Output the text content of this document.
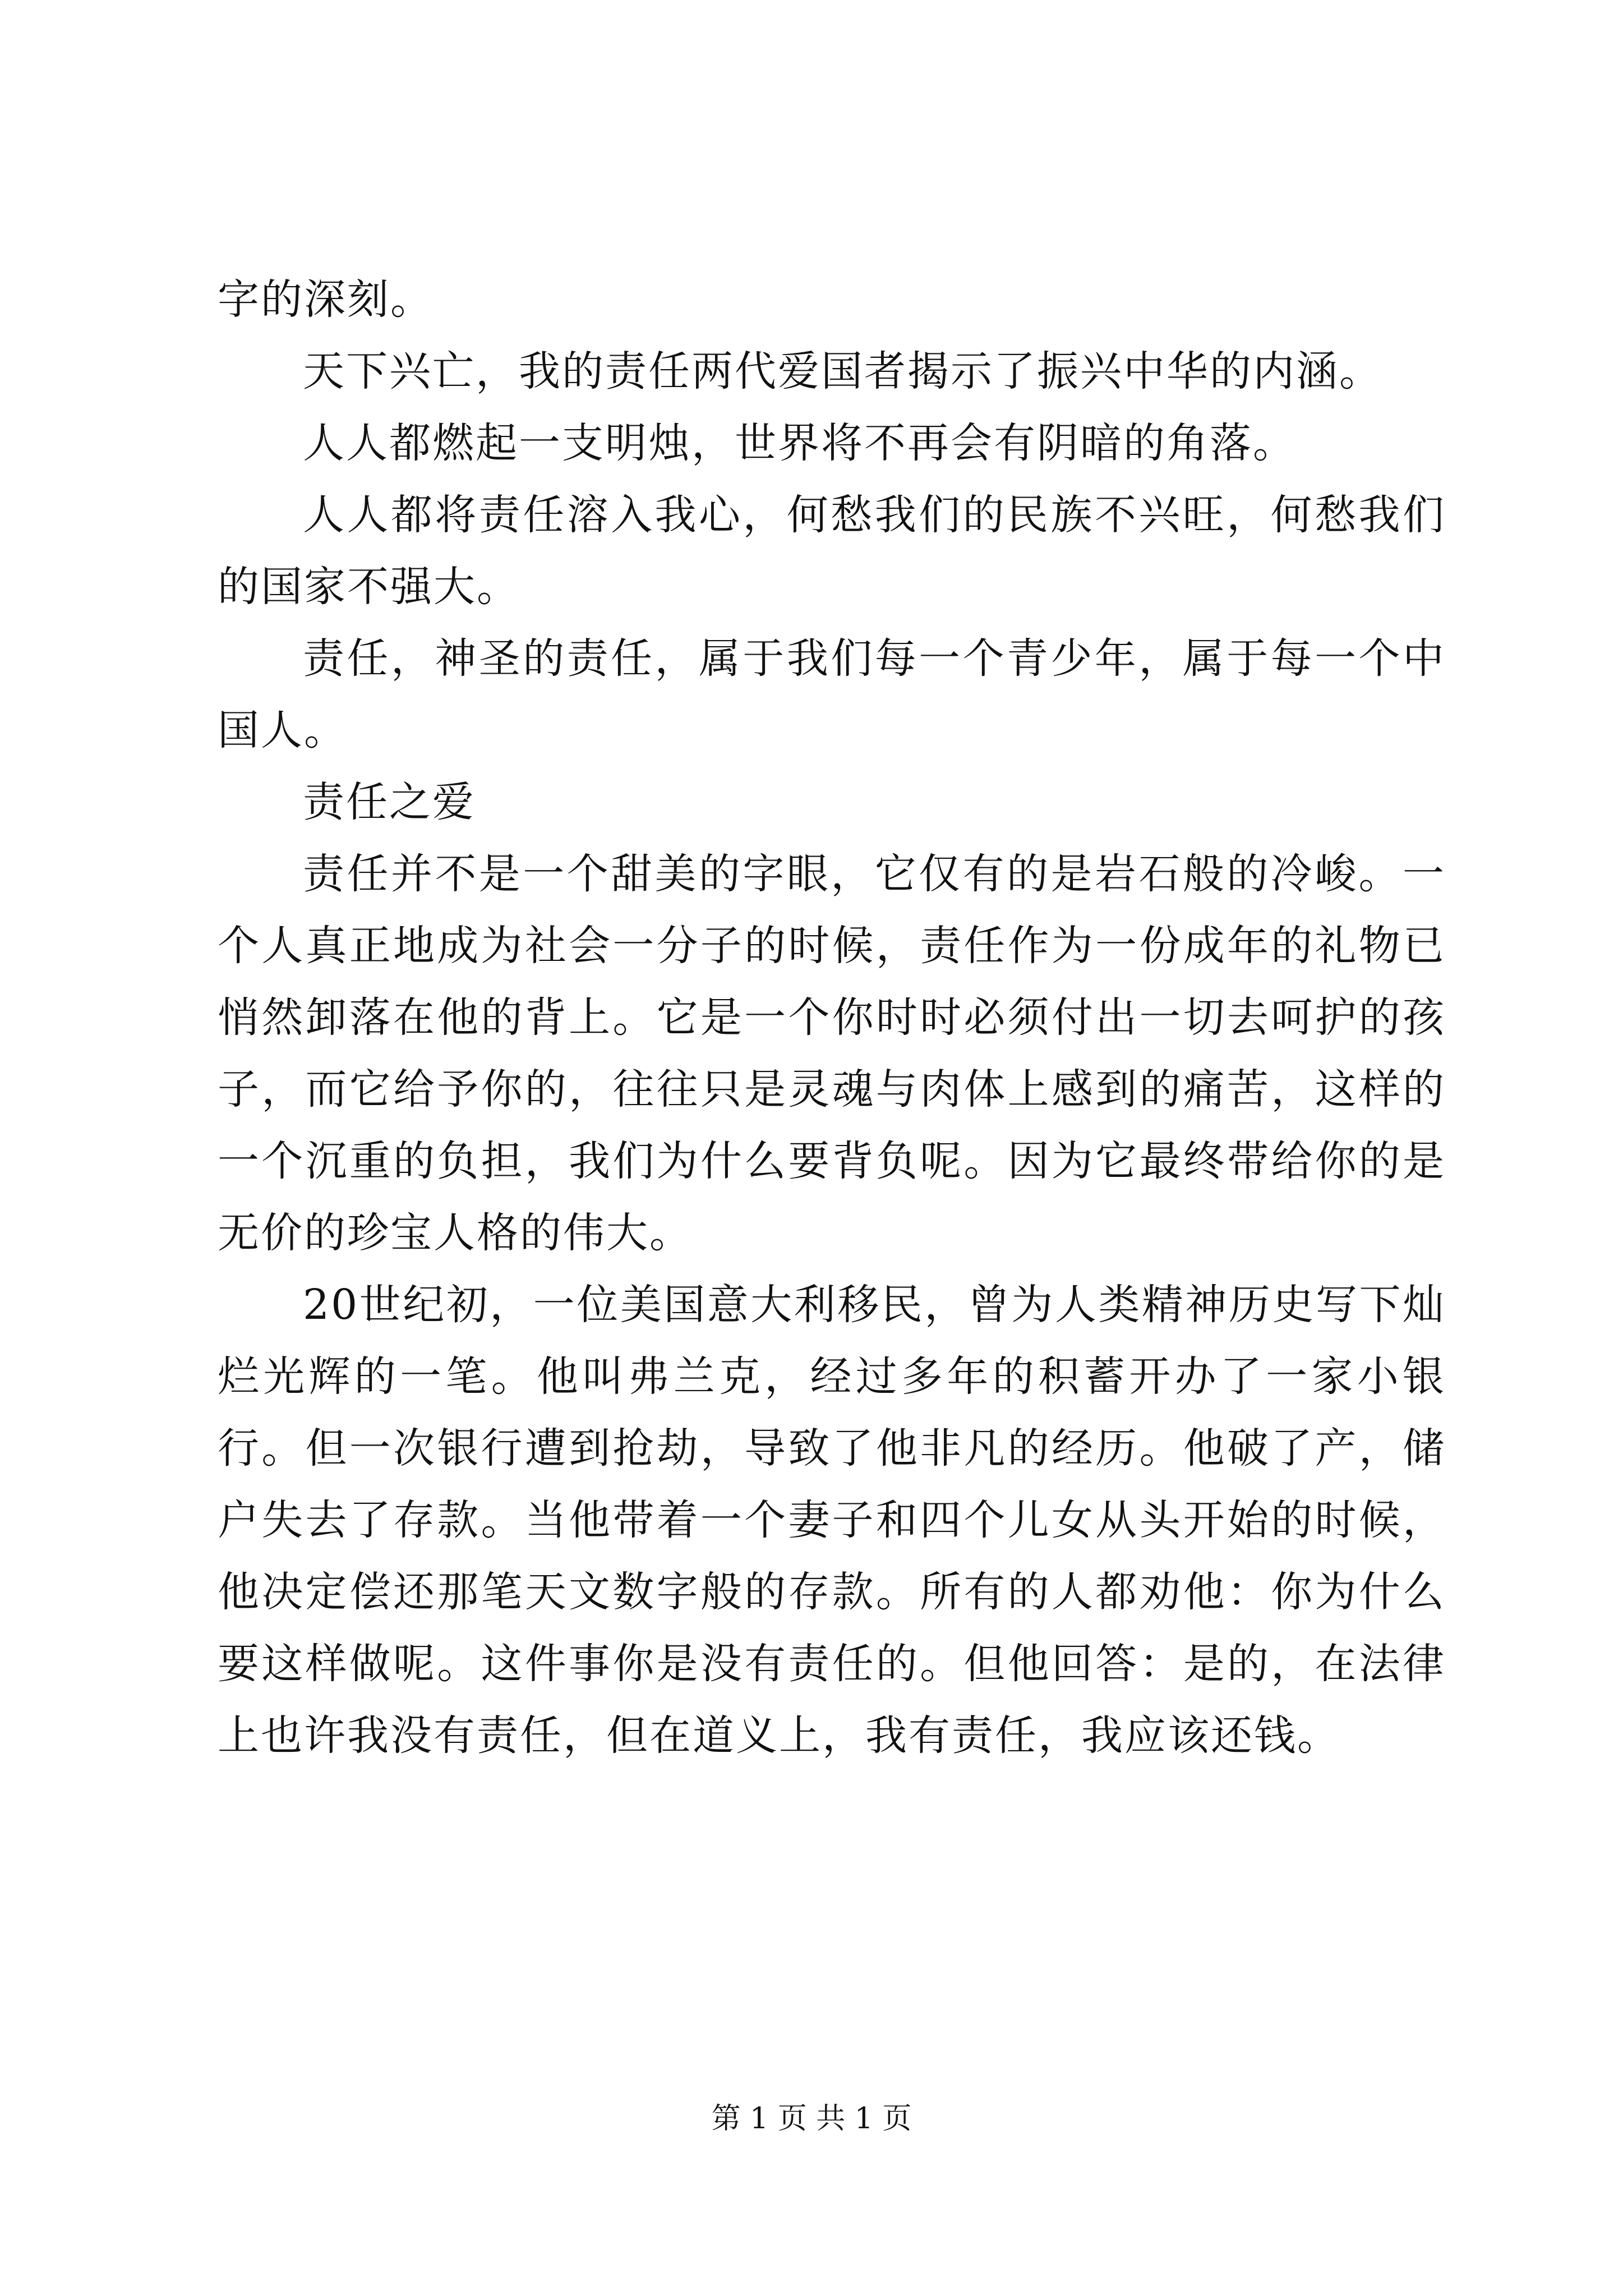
字的深刻。

天下兴亡，我的责任两代爱国者揭示了振兴中华的内涵。

人人都燃起一支明烛，世界将不再会有阴暗的角落。

人人都将责任溶入我心，何愁我们的民族不兴旺，何愁我们的国家不强大。

责任，神圣的责任，属于我们每一个青少年，属于每一个中国人。

责任之爱

责任并不是一个甜美的字眼，它仅有的是岩石般的冷峻。一个人真正地成为社会一分子的时候，责任作为一份成年的礼物已悄然卸落在他的背上。它是一个你时时必须付出一切去呵护的孩子，而它给予你的，往往只是灵魂与肉体上感到的痛苦，这样的一个沉重的负担，我们为什么要背负呢。因为它最终带给你的是无价的珍宝人格的伟大。

20世纪初，一位美国意大利移民，曾为人类精神历史写下灿烂光辉的一笔。他叫弗兰克，经过多年的积蓄开办了一家小银行。但一次银行遭到抢劫，导致了他非凡的经历。他破了产，储户失去了存款。当他带着一个妻子和四个儿女从头开始的时候，他决定偿还那笔天文数字般的存款。所有的人都劝他：你为什么要这样做呢。这件事你是没有责任的。但他回答：是的，在法律上也许我没有责任，但在道义上，我有责任，我应该还钱。

第 1 页 共 1 页
